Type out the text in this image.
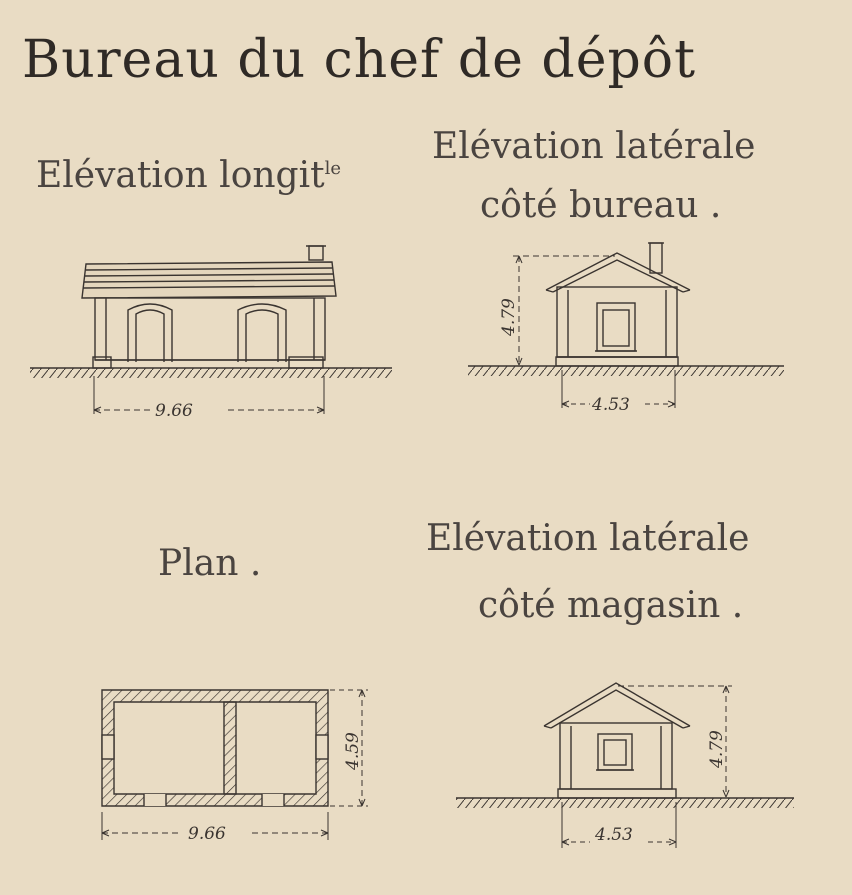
Bureau du chef de dépôt
Elévation longit$^{le}$
Elévation latérale
côté bureau .
Plan .
Elévation latérale
côté magasin .
9.66
4.79
4.53
4.59
9.66
4.79
4.53
